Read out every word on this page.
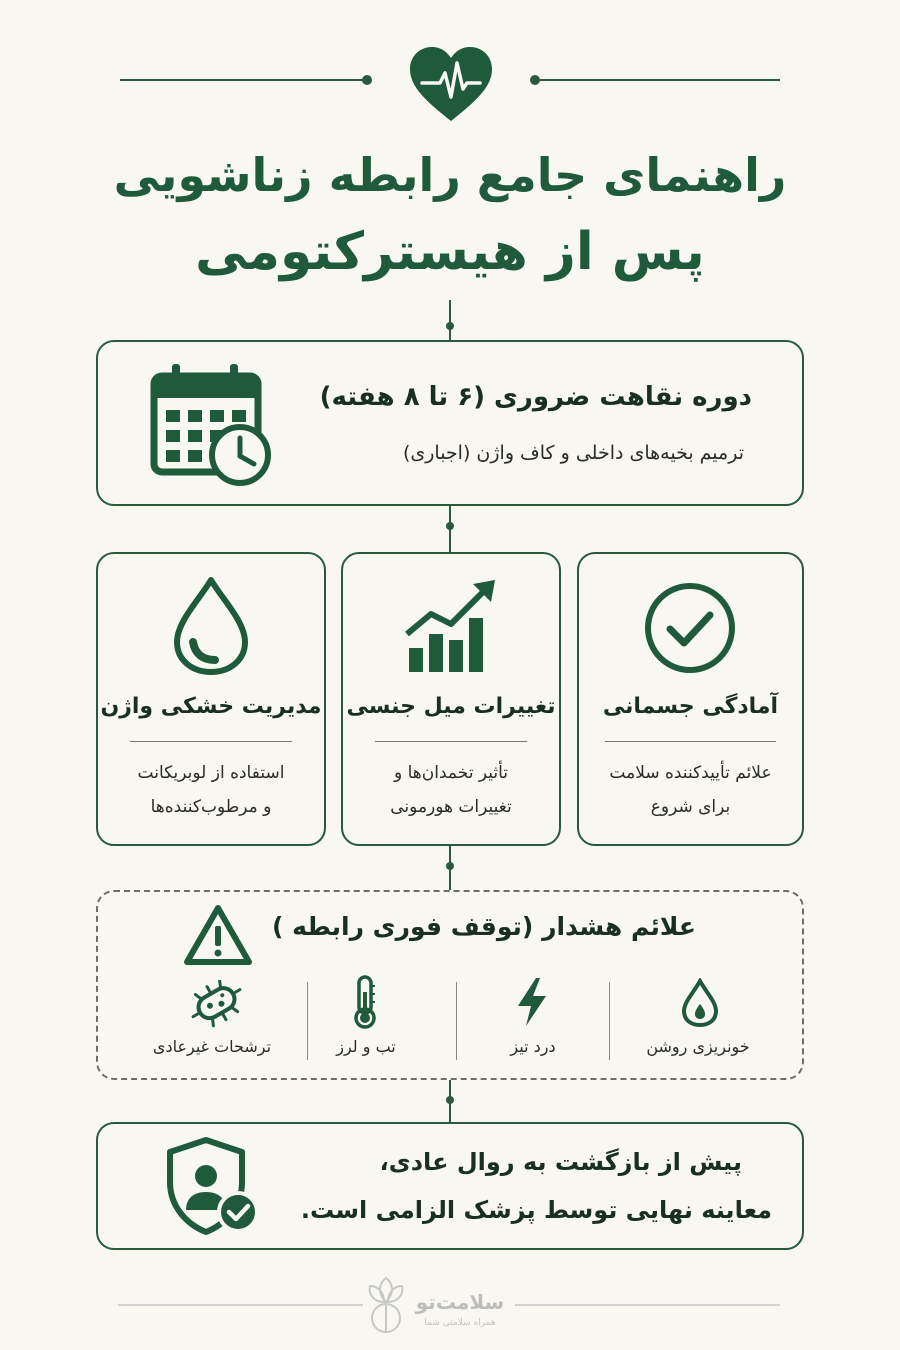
راهنمای جامع رابطه زناشویی
پس از هیسترکتومی
دوره نقاهت ضروری (۶ تا ۸ هفته)
ترمیم بخیه‌های داخلی و کاف واژن (اجباری)
آمادگی جسمانی
علائم تأییدکننده سلامت
برای شروع
تغییرات میل جنسی
تأثیر تخمدان‌ها و
تغییرات هورمونی
مدیریت خشکی واژن
استفاده از لوبریکانت
و مرطوب‌کننده‌ها
علائم هشدار (توقف فوری رابطه )
خونریزی روشن
درد تیز
تب و لرز
ترشحات غیرعادی
پیش از بازگشت به روال عادی،
معاینه نهایی توسط پزشک الزامی است.
سلامت‌تو
همراه سلامتی شما
